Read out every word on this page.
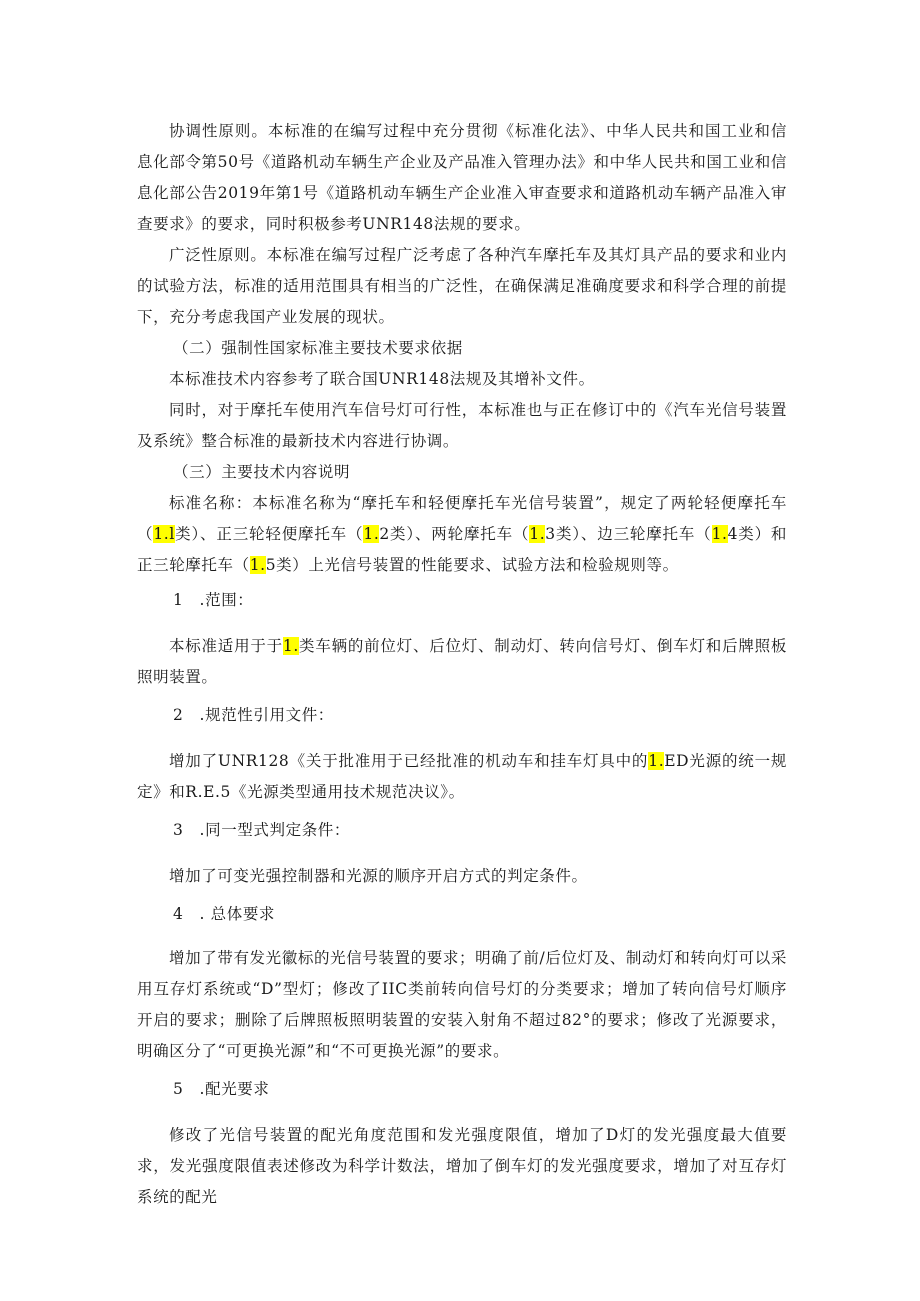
协调性原则。本标准的在编写过程中充分贯彻《标准化法》、中华人民共和国工业和信息化部令第50号《道路机动车辆生产企业及产品准入管理办法》和中华人民共和国工业和信息化部公告2019年第1号《道路机动车辆生产企业准入审查要求和道路机动车辆产品准入审查要求》的要求，同时积极参考UNR148法规的要求。

广泛性原则。本标准在编写过程广泛考虑了各种汽车摩托车及其灯具产品的要求和业内的试验方法，标准的适用范围具有相当的广泛性，在确保满足准确度要求和科学合理的前提下，充分考虑我国产业发展的现状。

（二）强制性国家标准主要技术要求依据

本标准技术内容参考了联合国UNR148法规及其增补文件。

同时，对于摩托车使用汽车信号灯可行性，本标准也与正在修订中的《汽车光信号装置及系统》整合标准的最新技术内容进行协调。

（三）主要技术内容说明

标准名称：本标准名称为“摩托车和轻便摩托车光信号装置”，规定了两轮轻便摩托车（1.l类）、正三轮轻便摩托车（1.2类）、两轮摩托车（1.3类）、边三轮摩托车（1.4类）和正三轮摩托车（1.5类）上光信号装置的性能要求、试验方法和检验规则等。

1　.范围：

本标准适用于于1.类车辆的前位灯、后位灯、制动灯、转向信号灯、倒车灯和后牌照板照明装置。

2　.规范性引用文件：

增加了UNR128《关于批准用于已经批准的机动车和挂车灯具中的1.ED光源的统一规定》和R.E.5《光源类型通用技术规范决议》。

3　.同一型式判定条件：

增加了可变光强控制器和光源的顺序开启方式的判定条件。

4　. 总体要求

增加了带有发光徽标的光信号装置的要求；明确了前/后位灯及、制动灯和转向灯可以采用互存灯系统或“D”型灯；修改了IIC类前转向信号灯的分类要求；增加了转向信号灯顺序开启的要求；删除了后牌照板照明装置的安装入射角不超过82°的要求；修改了光源要求，明确区分了“可更换光源”和“不可更换光源”的要求。

5　.配光要求

修改了光信号装置的配光角度范围和发光强度限值，增加了D灯的发光强度最大值要求，发光强度限值表述修改为科学计数法，增加了倒车灯的发光强度要求，增加了对互存灯系统的配光
